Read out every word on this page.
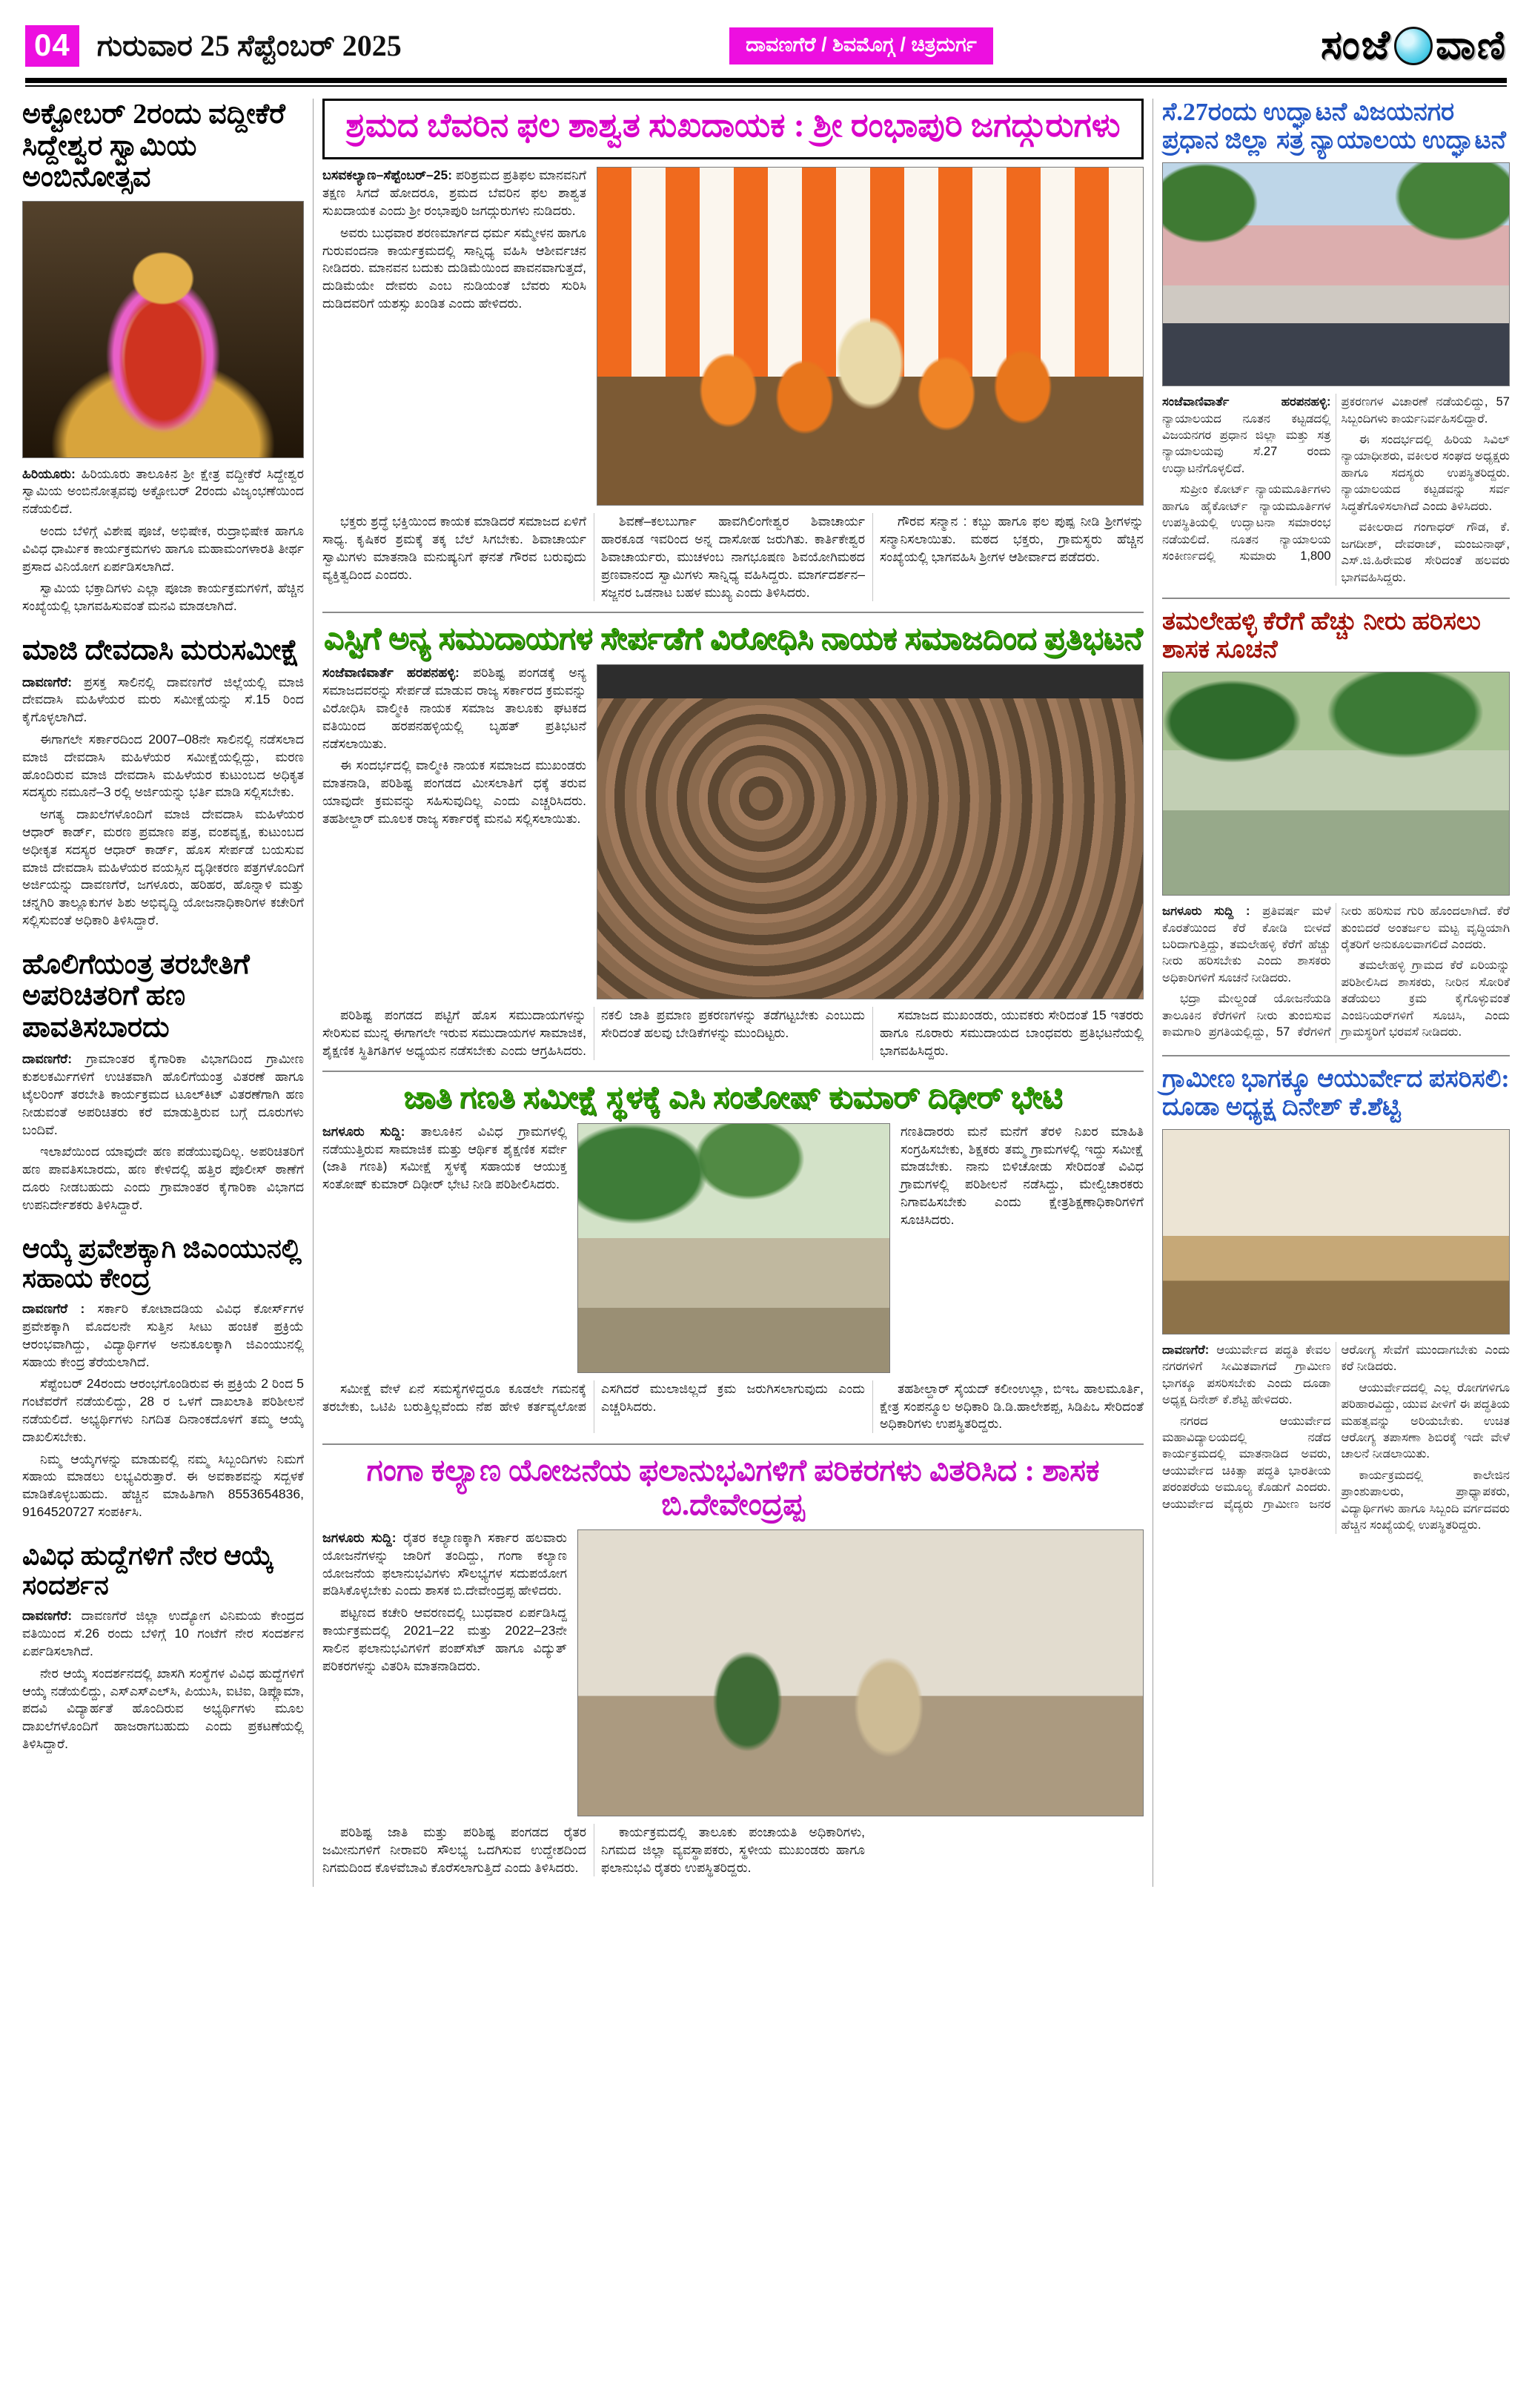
04 ಗುರುವಾರ 25 ಸೆಪ್ಟೆಂಬರ್ 2025	ದಾವಣಗೆರೆ / ಶಿವಮೊಗ್ಗ / ಚಿತ್ರದುರ್ಗ	ಸಂಜೆ ವಾಣಿ
ಅಕ್ಟೋಬರ್ 2ರಂದು ವದ್ದೀಕೆರೆ ಸಿದ್ದೇಶ್ವರ ಸ್ವಾಮಿಯ ಅಂಬಿನೋತ್ಸವ

ಹಿರಿಯೂರು: ಹಿರಿಯೂರು ತಾಲೂಕಿನ ಶ್ರೀ ಕ್ಷೇತ್ರ ವದ್ದೀಕೆರೆ ಸಿದ್ದೇಶ್ವರ ಸ್ವಾಮಿಯ ಅಂಬಿನೋತ್ಸವವು ಅಕ್ಟೋಬರ್ 2ರಂದು ವಿಜೃಂಭಣೆಯಿಂದ ನಡೆಯಲಿದೆ.

ಅಂದು ಬೆಳಿಗ್ಗೆ ವಿಶೇಷ ಪೂಜೆ, ಅಭಿಷೇಕ, ರುದ್ರಾಭಿಷೇಕ ಹಾಗೂ ವಿವಿಧ ಧಾರ್ಮಿಕ ಕಾರ್ಯಕ್ರಮಗಳು ಹಾಗೂ ಮಹಾಮಂಗಳಾರತಿ ತೀರ್ಥ ಪ್ರಸಾದ ವಿನಿಯೋಗ ಏರ್ಪಡಿಸಲಾಗಿದೆ.

ಸ್ವಾಮಿಯ ಭಕ್ತಾದಿಗಳು ಎಲ್ಲಾ ಪೂಜಾ ಕಾರ್ಯಕ್ರಮಗಳಿಗೆ, ಹೆಚ್ಚಿನ ಸಂಖ್ಯೆಯಲ್ಲಿ ಭಾಗವಹಿಸುವಂತೆ ಮನವಿ ಮಾಡಲಾಗಿದೆ.

ಮಾಜಿ ದೇವದಾಸಿ ಮರುಸಮೀಕ್ಷೆ

ದಾವಣಗೆರೆ: ಪ್ರಸಕ್ತ ಸಾಲಿನಲ್ಲಿ ದಾವಣಗೆರೆ ಜಿಲ್ಲೆಯಲ್ಲಿ ಮಾಜಿ ದೇವದಾಸಿ ಮಹಿಳೆಯರ ಮರು ಸಮೀಕ್ಷೆಯನ್ನು ಸೆ.15 ರಿಂದ ಕೈಗೊಳ್ಳಲಾಗಿದೆ.

ಈಗಾಗಲೇ ಸರ್ಕಾರದಿಂದ 2007–08ನೇ ಸಾಲಿನಲ್ಲಿ ನಡೆಸಲಾದ ಮಾಜಿ ದೇವದಾಸಿ ಮಹಿಳೆಯರ ಸಮೀಕ್ಷೆಯಲ್ಲಿದ್ದು, ಮರಣ ಹೊಂದಿರುವ ಮಾಜಿ ದೇವದಾಸಿ ಮಹಿಳೆಯರ ಕುಟುಂಬದ ಅಧಿಕೃತ ಸದಸ್ಯರು ನಮೂನೆ–3 ರಲ್ಲಿ ಅರ್ಜಿಯನ್ನು ಭರ್ತಿ ಮಾಡಿ ಸಲ್ಲಿಸಬೇಕು.

ಅಗತ್ಯ ದಾಖಲೆಗಳೊಂದಿಗೆ ಮಾಜಿ ದೇವದಾಸಿ ಮಹಿಳೆಯರ ಆಧಾರ್ ಕಾರ್ಡ್, ಮರಣ ಪ್ರಮಾಣ ಪತ್ರ, ವಂಶವೃಕ್ಷ, ಕುಟುಂಬದ ಅಧೀಕೃತ ಸದಸ್ಯರ ಆಧಾರ್ ಕಾರ್ಡ್, ಹೊಸ ಸೇರ್ಪಡೆ ಬಯಸುವ ಮಾಜಿ ದೇವದಾಸಿ ಮಹಿಳೆಯರ ವಯಸ್ಸಿನ ದೃಢೀಕರಣ ಪತ್ರಗಳೊಂದಿಗೆ ಅರ್ಜಿಯನ್ನು ದಾವಣಗೆರೆ, ಜಗಳೂರು, ಹರಿಹರ, ಹೊನ್ನಾಳಿ ಮತ್ತು ಚನ್ನಗಿರಿ ತಾಲ್ಲೂಕುಗಳ ಶಿಶು ಅಭಿವೃದ್ಧಿ ಯೋಜನಾಧಿಕಾರಿಗಳ ಕಚೇರಿಗೆ ಸಲ್ಲಿಸುವಂತೆ ಅಧಿಕಾರಿ ತಿಳಿಸಿದ್ದಾರೆ.

ಹೊಲಿಗೆಯಂತ್ರ ತರಬೇತಿಗೆ ಅಪರಿಚಿತರಿಗೆ ಹಣ ಪಾವತಿಸಬಾರದು

ದಾವಣಗೆರೆ: ಗ್ರಾಮಾಂತರ ಕೈಗಾರಿಕಾ ವಿಭಾಗದಿಂದ ಗ್ರಾಮೀಣ ಕುಶಲಕರ್ಮಿಗಳಿಗೆ ಉಚಿತವಾಗಿ ಹೊಲಿಗೆಯಂತ್ರ ವಿತರಣೆ ಹಾಗೂ ಟೈಲರಿಂಗ್ ತರಬೇತಿ ಕಾರ್ಯಕ್ರಮದ ಟೂಲ್‌ಕಿಟ್ ವಿತರಣೆಗಾಗಿ ಹಣ ನೀಡುವಂತೆ ಅಪರಿಚಿತರು ಕರೆ ಮಾಡುತ್ತಿರುವ ಬಗ್ಗೆ ದೂರುಗಳು ಬಂದಿವೆ.

ಇಲಾಖೆಯಿಂದ ಯಾವುದೇ ಹಣ ಪಡೆಯುವುದಿಲ್ಲ. ಅಪರಿಚಿತರಿಗೆ ಹಣ ಪಾವತಿಸಬಾರದು, ಹಣ ಕೇಳಿದಲ್ಲಿ ಹತ್ತಿರ ಪೊಲೀಸ್ ಠಾಣೆಗೆ ದೂರು ನೀಡಬಹುದು ಎಂದು ಗ್ರಾಮಾಂತರ ಕೈಗಾರಿಕಾ ವಿಭಾಗದ ಉಪನಿರ್ದೇಶಕರು ತಿಳಿಸಿದ್ದಾರೆ.

ಆಯ್ಕೆ ಪ್ರವೇಶಕ್ಕಾಗಿ ಜಿಎಂಯುನಲ್ಲಿ ಸಹಾಯ ಕೇಂದ್ರ

ದಾವಣಗೆರೆ : ಸರ್ಕಾರಿ ಕೋಟಾದಡಿಯ ವಿವಿಧ ಕೋರ್ಸ್‌ಗಳ ಪ್ರವೇಶಕ್ಕಾಗಿ ಮೊದಲನೇ ಸುತ್ತಿನ ಸೀಟು ಹಂಚಿಕೆ ಪ್ರಕ್ರಿಯೆ ಆರಂಭವಾಗಿದ್ದು, ವಿದ್ಯಾರ್ಥಿಗಳ ಅನುಕೂಲಕ್ಕಾಗಿ ಜಿಎಂಯುನಲ್ಲಿ ಸಹಾಯ ಕೇಂದ್ರ ತೆರೆಯಲಾಗಿದೆ.

ಸೆಪ್ಟೆಂಬರ್ 24ರಂದು ಆರಂಭಗೊಂಡಿರುವ ಈ ಪ್ರಕ್ರಿಯೆ 2 ರಿಂದ 5 ಗಂಟೆವರೆಗೆ ನಡೆಯಲಿದ್ದು, 28 ರ ಒಳಗೆ ದಾಖಲಾತಿ ಪರಿಶೀಲನೆ ನಡೆಯಲಿದೆ. ಅಭ್ಯರ್ಥಿಗಳು ನಿಗದಿತ ದಿನಾಂಕದೊಳಗೆ ತಮ್ಮ ಆಯ್ಕೆ ದಾಖಲಿಸಬೇಕು.

ನಿಮ್ಮ ಆಯ್ಕೆಗಳನ್ನು ಮಾಡುವಲ್ಲಿ ನಮ್ಮ ಸಿಬ್ಬಂದಿಗಳು ನಿಮಗೆ ಸಹಾಯ ಮಾಡಲು ಲಭ್ಯವಿರುತ್ತಾರೆ. ಈ ಅವಕಾಶವನ್ನು ಸದ್ಬಳಕೆ ಮಾಡಿಕೊಳ್ಳಬಹುದು. ಹೆಚ್ಚಿನ ಮಾಹಿತಿಗಾಗಿ 8553654836, 9164520727 ಸಂಪರ್ಕಿಸಿ.

ವಿವಿಧ ಹುದ್ದೆಗಳಿಗೆ ನೇರ ಆಯ್ಕೆ ಸಂದರ್ಶನ

ದಾವಣಗೆರೆ: ದಾವಣಗೆರೆ ಜಿಲ್ಲಾ ಉದ್ಯೋಗ ವಿನಿಮಯ ಕೇಂದ್ರದ ವತಿಯಿಂದ ಸೆ.26 ರಂದು ಬೆಳಿಗ್ಗೆ 10 ಗಂಟೆಗೆ ನೇರ ಸಂದರ್ಶನ ಏರ್ಪಡಿಸಲಾಗಿದೆ.

ನೇರ ಆಯ್ಕೆ ಸಂದರ್ಶನದಲ್ಲಿ ಖಾಸಗಿ ಸಂಸ್ಥೆಗಳ ವಿವಿಧ ಹುದ್ದೆಗಳಿಗೆ ಆಯ್ಕೆ ನಡೆಯಲಿದ್ದು, ಎಸ್‌ಎಸ್‌ಎಲ್‌ಸಿ, ಪಿಯುಸಿ, ಐಟಿಐ, ಡಿಪ್ಲೊಮಾ, ಪದವಿ ವಿದ್ಯಾರ್ಹತೆ ಹೊಂದಿರುವ ಅಭ್ಯರ್ಥಿಗಳು ಮೂಲ ದಾಖಲೆಗಳೊಂದಿಗೆ ಹಾಜರಾಗಬಹುದು ಎಂದು ಪ್ರಕಟಣೆಯಲ್ಲಿ ತಿಳಿಸಿದ್ದಾರೆ.

ಶ್ರಮದ ಬೆವರಿನ ಫಲ ಶಾಶ್ವತ ಸುಖದಾಯಕ : ಶ್ರೀ ರಂಭಾಪುರಿ ಜಗದ್ಗುರುಗಳು

ಬಸವಕಲ್ಯಾಣ–ಸೆಪ್ಟೆಂಬರ್–25: ಪರಿಶ್ರಮದ ಪ್ರತಿಫಲ ಮಾನವನಿಗೆ ತಕ್ಷಣ ಸಿಗದೆ ಹೋದರೂ, ಶ್ರಮದ ಬೆವರಿನ ಫಲ ಶಾಶ್ವತ ಸುಖದಾಯಕ ಎಂದು ಶ್ರೀ ರಂಭಾಪುರಿ ಜಗದ್ಗುರುಗಳು ನುಡಿದರು.

ಅವರು ಬುಧವಾರ ಶರಣಮಾರ್ಗದ ಧರ್ಮ ಸಮ್ಮೇಳನ ಹಾಗೂ ಗುರುವಂದನಾ ಕಾರ್ಯಕ್ರಮದಲ್ಲಿ ಸಾನ್ನಿಧ್ಯ ವಹಿಸಿ ಆಶೀರ್ವಚನ ನೀಡಿದರು. ಮಾನವನ ಬದುಕು ದುಡಿಮೆಯಿಂದ ಪಾವನವಾಗುತ್ತದೆ, ದುಡಿಮೆಯೇ ದೇವರು ಎಂಬ ನುಡಿಯಂತೆ ಬೆವರು ಸುರಿಸಿ ದುಡಿದವರಿಗೆ ಯಶಸ್ಸು ಖಂಡಿತ ಎಂದು ಹೇಳಿದರು.

ಭಕ್ತರು ಶ್ರದ್ಧೆ ಭಕ್ತಿಯಿಂದ ಕಾಯಕ ಮಾಡಿದರೆ ಸಮಾಜದ ಏಳಿಗೆ ಸಾಧ್ಯ. ಕೃಷಿಕರ ಶ್ರಮಕ್ಕೆ ತಕ್ಕ ಬೆಲೆ ಸಿಗಬೇಕು. ಶಿವಾಚಾರ್ಯ ಸ್ವಾಮಿಗಳು ಮಾತನಾಡಿ ಮನುಷ್ಯನಿಗೆ ಘನತೆ ಗೌರವ ಬರುವುದು ವ್ಯಕ್ತಿತ್ವದಿಂದ ಎಂದರು.

ಶಿವಣೆ–ಕಲಬುರ್ಗಾ ಹಾವಗಿಲಿಂಗೇಶ್ವರ ಶಿವಾಚಾರ್ಯ ಹಾರಕೂಡ ಇವರಿಂದ ಅನ್ನ ದಾಸೋಹ ಜರುಗಿತು. ಕಾರ್ತಿಕೇಶ್ವರ ಶಿವಾಚಾರ್ಯರು, ಮುಚಳಂಬ ನಾಗಭೂಷಣ ಶಿವಯೋಗಿಮಠದ ಪ್ರಣವಾನಂದ ಸ್ವಾಮಿಗಳು ಸಾನ್ನಿಧ್ಯ ವಹಿಸಿದ್ದರು. ಮಾರ್ಗದರ್ಶನ–ಸಜ್ಜನರ ಒಡನಾಟ ಬಹಳ ಮುಖ್ಯ ಎಂದು ತಿಳಿಸಿದರು.

ಗೌರವ ಸನ್ಮಾನ : ಕಬ್ಬು ಹಾಗೂ ಫಲ ಪುಷ್ಪ ನೀಡಿ ಶ್ರೀಗಳನ್ನು ಸನ್ಮಾನಿಸಲಾಯಿತು. ಮಠದ ಭಕ್ತರು, ಗ್ರಾಮಸ್ಥರು ಹೆಚ್ಚಿನ ಸಂಖ್ಯೆಯಲ್ಲಿ ಭಾಗವಹಿಸಿ ಶ್ರೀಗಳ ಆಶೀರ್ವಾದ ಪಡೆದರು.

ಎಸ್ಟಿಗೆ ಅನ್ಯ ಸಮುದಾಯಗಳ ಸೇರ್ಪಡೆಗೆ ವಿರೋಧಿಸಿ ನಾಯಕ ಸಮಾಜದಿಂದ ಪ್ರತಿಭಟನೆ

ಸಂಜೆವಾಣಿವಾರ್ತೆ ಹರಪನಹಳ್ಳಿ: ಪರಿಶಿಷ್ಟ ಪಂಗಡಕ್ಕೆ ಅನ್ಯ ಸಮಾಜದವರನ್ನು ಸೇರ್ಪಡೆ ಮಾಡುವ ರಾಜ್ಯ ಸರ್ಕಾರದ ಕ್ರಮವನ್ನು ವಿರೋಧಿಸಿ ವಾಲ್ಮೀಕಿ ನಾಯಕ ಸಮಾಜ ತಾಲೂಕು ಘಟಕದ ವತಿಯಿಂದ ಹರಪನಹಳ್ಳಿಯಲ್ಲಿ ಬೃಹತ್ ಪ್ರತಿಭಟನೆ ನಡೆಸಲಾಯಿತು.

ಈ ಸಂದರ್ಭದಲ್ಲಿ ವಾಲ್ಮೀಕಿ ನಾಯಕ ಸಮಾಜದ ಮುಖಂಡರು ಮಾತನಾಡಿ, ಪರಿಶಿಷ್ಟ ಪಂಗಡದ ಮೀಸಲಾತಿಗೆ ಧಕ್ಕೆ ತರುವ ಯಾವುದೇ ಕ್ರಮವನ್ನು ಸಹಿಸುವುದಿಲ್ಲ ಎಂದು ಎಚ್ಚರಿಸಿದರು. ತಹಶೀಲ್ದಾರ್ ಮೂಲಕ ರಾಜ್ಯ ಸರ್ಕಾರಕ್ಕೆ ಮನವಿ ಸಲ್ಲಿಸಲಾಯಿತು.

ಪರಿಶಿಷ್ಟ ಪಂಗಡದ ಪಟ್ಟಿಗೆ ಹೊಸ ಸಮುದಾಯಗಳನ್ನು ಸೇರಿಸುವ ಮುನ್ನ ಈಗಾಗಲೇ ಇರುವ ಸಮುದಾಯಗಳ ಸಾಮಾಜಿಕ, ಶೈಕ್ಷಣಿಕ ಸ್ಥಿತಿಗತಿಗಳ ಅಧ್ಯಯನ ನಡೆಸಬೇಕು ಎಂದು ಆಗ್ರಹಿಸಿದರು. ನಕಲಿ ಜಾತಿ ಪ್ರಮಾಣ ಪ್ರಕರಣಗಳನ್ನು ತಡೆಗಟ್ಟಬೇಕು ಎಂಬುದು ಸೇರಿದಂತೆ ಹಲವು ಬೇಡಿಕೆಗಳನ್ನು ಮುಂದಿಟ್ಟರು.

ಸಮಾಜದ ಮುಖಂಡರು, ಯುವಕರು ಸೇರಿದಂತೆ 15 ಇತರರು ಹಾಗೂ ನೂರಾರು ಸಮುದಾಯದ ಬಾಂಧವರು ಪ್ರತಿಭಟನೆಯಲ್ಲಿ ಭಾಗವಹಿಸಿದ್ದರು.

ಜಾತಿ ಗಣತಿ ಸಮೀಕ್ಷೆ ಸ್ಥಳಕ್ಕೆ ಎಸಿ ಸಂತೋಷ್ ಕುಮಾರ್ ದಿಢೀರ್ ಭೇಟಿ

ಜಗಳೂರು ಸುದ್ದಿ: ತಾಲೂಕಿನ ವಿವಿಧ ಗ್ರಾಮಗಳಲ್ಲಿ ನಡೆಯುತ್ತಿರುವ ಸಾಮಾಜಿಕ ಮತ್ತು ಆರ್ಥಿಕ ಶೈಕ್ಷಣಿಕ ಸರ್ವೇ (ಜಾತಿ ಗಣತಿ) ಸಮೀಕ್ಷೆ ಸ್ಥಳಕ್ಕೆ ಸಹಾಯಕ ಆಯುಕ್ತ ಸಂತೋಷ್ ಕುಮಾರ್ ದಿಢೀರ್ ಭೇಟಿ ನೀಡಿ ಪರಿಶೀಲಿಸಿದರು.

ಗಣತಿದಾರರು ಮನೆ ಮನೆಗೆ ತೆರಳಿ ನಿಖರ ಮಾಹಿತಿ ಸಂಗ್ರಹಿಸಬೇಕು, ಶಿಕ್ಷಕರು ತಮ್ಮ ಗ್ರಾಮಗಳಲ್ಲಿ ಇದ್ದು ಸಮೀಕ್ಷೆ ಮಾಡಬೇಕು. ನಾನು ಬಿಳಿಚೋಡು ಸೇರಿದಂತೆ ವಿವಿಧ ಗ್ರಾಮಗಳಲ್ಲಿ ಪರಿಶೀಲನೆ ನಡೆಸಿದ್ದು, ಮೇಲ್ವಿಚಾರಕರು ನಿಗಾವಹಿಸಬೇಕು ಎಂದು ಕ್ಷೇತ್ರಶಿಕ್ಷಣಾಧಿಕಾರಿಗಳಿಗೆ ಸೂಚಿಸಿದರು.

ಸಮೀಕ್ಷೆ ವೇಳೆ ಏನೆ ಸಮಸ್ಯೆಗಳಿದ್ದರೂ ಕೂಡಲೇ ಗಮನಕ್ಕೆ ತರಬೇಕು, ಒಟಿಪಿ ಬರುತ್ತಿಲ್ಲವೆಂದು ನೆಪ ಹೇಳಿ ಕರ್ತವ್ಯಲೋಪ ಎಸಗಿದರೆ ಮುಲಾಜಿಲ್ಲದೆ ಕ್ರಮ ಜರುಗಿಸಲಾಗುವುದು ಎಂದು ಎಚ್ಚರಿಸಿದರು.

ತಹಶೀಲ್ದಾರ್ ಸೈಯದ್ ಕಲೀಂಉಲ್ಲಾ, ಬಿಇಒ ಹಾಲಮೂರ್ತಿ, ಕ್ಷೇತ್ರ ಸಂಪನ್ಮೂಲ ಅಧಿಕಾರಿ ಡಿ.ಡಿ.ಹಾಲೇಶಪ್ಪ, ಸಿಡಿಪಿಒ ಸೇರಿದಂತೆ ಅಧಿಕಾರಿಗಳು ಉಪಸ್ಥಿತರಿದ್ದರು.

ಗಂಗಾ ಕಲ್ಯಾಣ ಯೋಜನೆಯ ಫಲಾನುಭವಿಗಳಿಗೆ ಪರಿಕರಗಳು ವಿತರಿಸಿದ : ಶಾಸಕ ಬಿ.ದೇವೇಂದ್ರಪ್ಪ

ಜಗಳೂರು ಸುದ್ದಿ: ರೈತರ ಕಲ್ಯಾಣಕ್ಕಾಗಿ ಸರ್ಕಾರ ಹಲವಾರು ಯೋಜನೆಗಳನ್ನು ಜಾರಿಗೆ ತಂದಿದ್ದು, ಗಂಗಾ ಕಲ್ಯಾಣ ಯೋಜನೆಯ ಫಲಾನುಭವಿಗಳು ಸೌಲಭ್ಯಗಳ ಸದುಪಯೋಗ ಪಡಿಸಿಕೊಳ್ಳಬೇಕು ಎಂದು ಶಾಸಕ ಬಿ.ದೇವೇಂದ್ರಪ್ಪ ಹೇಳಿದರು.

ಪಟ್ಟಣದ ಕಚೇರಿ ಆವರಣದಲ್ಲಿ ಬುಧವಾರ ಏರ್ಪಡಿಸಿದ್ದ ಕಾರ್ಯಕ್ರಮದಲ್ಲಿ 2021–22 ಮತ್ತು 2022–23ನೇ ಸಾಲಿನ ಫಲಾನುಭವಿಗಳಿಗೆ ಪಂಪ್‌ಸೆಟ್ ಹಾಗೂ ವಿದ್ಯುತ್ ಪರಿಕರಗಳನ್ನು ವಿತರಿಸಿ ಮಾತನಾಡಿದರು.

ಪರಿಶಿಷ್ಟ ಜಾತಿ ಮತ್ತು ಪರಿಶಿಷ್ಟ ಪಂಗಡದ ರೈತರ ಜಮೀನುಗಳಿಗೆ ನೀರಾವರಿ ಸೌಲಭ್ಯ ಒದಗಿಸುವ ಉದ್ದೇಶದಿಂದ ನಿಗಮದಿಂದ ಕೊಳವೆಬಾವಿ ಕೊರೆಸಲಾಗುತ್ತಿದೆ ಎಂದು ತಿಳಿಸಿದರು.

ಕಾರ್ಯಕ್ರಮದಲ್ಲಿ ತಾಲೂಕು ಪಂಚಾಯತಿ ಅಧಿಕಾರಿಗಳು, ನಿಗಮದ ಜಿಲ್ಲಾ ವ್ಯವಸ್ಥಾಪಕರು, ಸ್ಥಳೀಯ ಮುಖಂಡರು ಹಾಗೂ ಫಲಾನುಭವಿ ರೈತರು ಉಪಸ್ಥಿತರಿದ್ದರು.

ಸೆ.27ರಂದು ಉದ್ಘಾಟನೆ ವಿಜಯನಗರ ಪ್ರಧಾನ ಜಿಲ್ಲಾ ಸತ್ರ ನ್ಯಾಯಾಲಯ ಉದ್ಘಾಟನೆ

ಸಂಜೆವಾಣಿವಾರ್ತೆ ಹರಪನಹಳ್ಳಿ: ನ್ಯಾಯಾಲಯದ ನೂತನ ಕಟ್ಟಡದಲ್ಲಿ ವಿಜಯನಗರ ಪ್ರಧಾನ ಜಿಲ್ಲಾ ಮತ್ತು ಸತ್ರ ನ್ಯಾಯಾಲಯವು ಸೆ.27 ರಂದು ಉದ್ಘಾಟನೆಗೊಳ್ಳಲಿದೆ.

ಸುಪ್ರೀಂ ಕೋರ್ಟ್ ನ್ಯಾಯಮೂರ್ತಿಗಳು ಹಾಗೂ ಹೈಕೋರ್ಟ್ ನ್ಯಾಯಮೂರ್ತಿಗಳ ಉಪಸ್ಥಿತಿಯಲ್ಲಿ ಉದ್ಘಾಟನಾ ಸಮಾರಂಭ ನಡೆಯಲಿದೆ. ನೂತನ ನ್ಯಾಯಾಲಯ ಸಂಕೀರ್ಣದಲ್ಲಿ ಸುಮಾರು 1,800 ಪ್ರಕರಣಗಳ ವಿಚಾರಣೆ ನಡೆಯಲಿದ್ದು, 57 ಸಿಬ್ಬಂದಿಗಳು ಕಾರ್ಯನಿರ್ವಹಿಸಲಿದ್ದಾರೆ.

ಈ ಸಂದರ್ಭದಲ್ಲಿ ಹಿರಿಯ ಸಿವಿಲ್ ನ್ಯಾಯಾಧೀಶರು, ವಕೀಲರ ಸಂಘದ ಅಧ್ಯಕ್ಷರು ಹಾಗೂ ಸದಸ್ಯರು ಉಪಸ್ಥಿತರಿದ್ದರು. ನ್ಯಾಯಾಲಯದ ಕಟ್ಟಡವನ್ನು ಸರ್ವ ಸಿದ್ಧತೆಗೊಳಿಸಲಾಗಿದೆ ಎಂದು ತಿಳಿಸಿದರು.

ವಕೀಲರಾದ ಗಂಗಾಧರ್ ಗೌಡ, ಕೆ. ಜಗದೀಶ್, ದೇವರಾಜ್, ಮಂಜುನಾಥ್, ಎಸ್.ಜಿ.ಹಿರೇಮಠ ಸೇರಿದಂತೆ ಹಲವರು ಭಾಗವಹಿಸಿದ್ದರು.

ತಮಲೇಹಳ್ಳಿ ಕೆರೆಗೆ ಹೆಚ್ಚು ನೀರು ಹರಿಸಲು ಶಾಸಕ ಸೂಚನೆ

ಜಗಳೂರು ಸುದ್ದಿ : ಪ್ರತಿವರ್ಷ ಮಳೆ ಕೊರತೆಯಿಂದ ಕೆರೆ ಕೋಡಿ ಬೀಳದೆ ಬರಿದಾಗುತ್ತಿದ್ದು, ತಮಲೇಹಳ್ಳಿ ಕೆರೆಗೆ ಹೆಚ್ಚು ನೀರು ಹರಿಸಬೇಕು ಎಂದು ಶಾಸಕರು ಅಧಿಕಾರಿಗಳಿಗೆ ಸೂಚನೆ ನೀಡಿದರು.

ಭದ್ರಾ ಮೇಲ್ದಂಡೆ ಯೋಜನೆಯಡಿ ತಾಲೂಕಿನ ಕೆರೆಗಳಿಗೆ ನೀರು ತುಂಬಿಸುವ ಕಾಮಗಾರಿ ಪ್ರಗತಿಯಲ್ಲಿದ್ದು, 57 ಕೆರೆಗಳಿಗೆ ನೀರು ಹರಿಸುವ ಗುರಿ ಹೊಂದಲಾಗಿದೆ. ಕೆರೆ ತುಂಬಿದರೆ ಅಂತರ್ಜಲ ಮಟ್ಟ ವೃದ್ಧಿಯಾಗಿ ರೈತರಿಗೆ ಅನುಕೂಲವಾಗಲಿದೆ ಎಂದರು.

ತಮಲೇಹಳ್ಳಿ ಗ್ರಾಮದ ಕೆರೆ ಏರಿಯನ್ನು ಪರಿಶೀಲಿಸಿದ ಶಾಸಕರು, ನೀರಿನ ಸೋರಿಕೆ ತಡೆಯಲು ಕ್ರಮ ಕೈಗೊಳ್ಳುವಂತೆ ಎಂಜಿನಿಯರ್‌ಗಳಿಗೆ ಸೂಚಿಸಿ, ಎಂದು ಗ್ರಾಮಸ್ಥರಿಗೆ ಭರವಸೆ ನೀಡಿದರು.

ಗ್ರಾಮೀಣ ಭಾಗಕ್ಕೂ ಆಯುರ್ವೇದ ಪಸರಿಸಲಿ: ದೂಡಾ ಅಧ್ಯಕ್ಷ ದಿನೇಶ್ ಕೆ.ಶೆಟ್ಟಿ

ದಾವಣಗೆರೆ: ಆಯುರ್ವೇದ ಪದ್ಧತಿ ಕೇವಲ ನಗರಗಳಿಗೆ ಸೀಮಿತವಾಗದೆ ಗ್ರಾಮೀಣ ಭಾಗಕ್ಕೂ ಪಸರಿಸಬೇಕು ಎಂದು ದೂಡಾ ಅಧ್ಯಕ್ಷ ದಿನೇಶ್ ಕೆ.ಶೆಟ್ಟಿ ಹೇಳಿದರು.

ನಗರದ ಆಯುರ್ವೇದ ಮಹಾವಿದ್ಯಾಲಯದಲ್ಲಿ ನಡೆದ ಕಾರ್ಯಕ್ರಮದಲ್ಲಿ ಮಾತನಾಡಿದ ಅವರು, ಆಯುರ್ವೇದ ಚಿಕಿತ್ಸಾ ಪದ್ಧತಿ ಭಾರತೀಯ ಪರಂಪರೆಯ ಅಮೂಲ್ಯ ಕೊಡುಗೆ ಎಂದರು. ಆಯುರ್ವೇದ ವೈದ್ಯರು ಗ್ರಾಮೀಣ ಜನರ ಆರೋಗ್ಯ ಸೇವೆಗೆ ಮುಂದಾಗಬೇಕು ಎಂದು ಕರೆ ನೀಡಿದರು.

ಆಯುರ್ವೇದದಲ್ಲಿ ಎಲ್ಲ ರೋಗಗಳಿಗೂ ಪರಿಹಾರವಿದ್ದು, ಯುವ ಪೀಳಿಗೆ ಈ ಪದ್ಧತಿಯ ಮಹತ್ವವನ್ನು ಅರಿಯಬೇಕು. ಉಚಿತ ಆರೋಗ್ಯ ತಪಾಸಣಾ ಶಿಬಿರಕ್ಕೆ ಇದೇ ವೇಳೆ ಚಾಲನೆ ನೀಡಲಾಯಿತು.

ಕಾರ್ಯಕ್ರಮದಲ್ಲಿ ಕಾಲೇಜಿನ ಪ್ರಾಂಶುಪಾಲರು, ಪ್ರಾಧ್ಯಾಪಕರು, ವಿದ್ಯಾರ್ಥಿಗಳು ಹಾಗೂ ಸಿಬ್ಬಂದಿ ವರ್ಗದವರು ಹೆಚ್ಚಿನ ಸಂಖ್ಯೆಯಲ್ಲಿ ಉಪಸ್ಥಿತರಿದ್ದರು.
